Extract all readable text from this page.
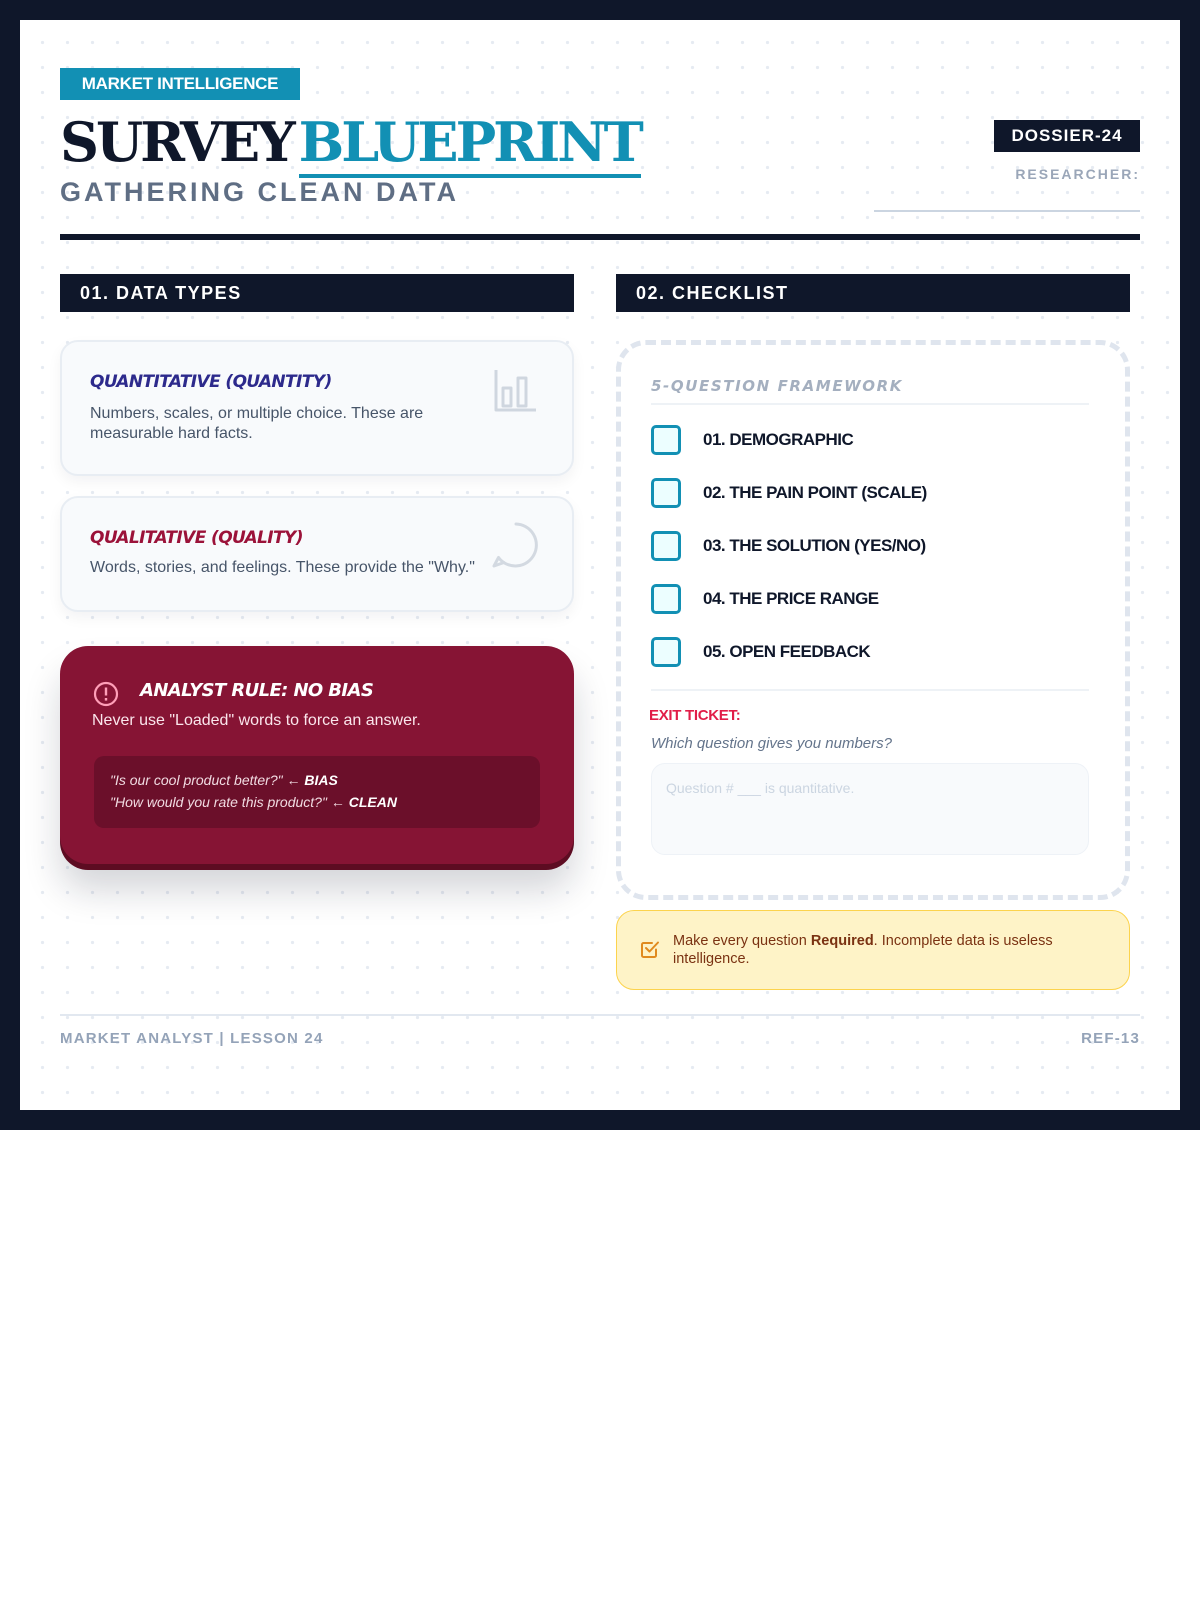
MARKET INTELLIGENCE
SURVEY BLUEPRINT
GATHERING CLEAN DATA
DOSSIER-24
RESEARCHER:
01. DATA TYPES
QUANTITATIVE (QUANTITY)
Numbers, scales, or multiple choice. These are measurable hard facts.
QUALITATIVE (QUALITY)
Words, stories, and feelings. These provide the "Why."
ANALYST RULE: NO BIAS
Never use "Loaded" words to force an answer.
"Is our cool product better?" ← BIAS
"How would you rate this product?" ← CLEAN
02. CHECKLIST
5-QUESTION FRAMEWORK
01. DEMOGRAPHIC
02. THE PAIN POINT (SCALE)
03. THE SOLUTION (YES/NO)
04. THE PRICE RANGE
05. OPEN FEEDBACK
EXIT TICKET:
Which question gives you numbers?
Question # ___ is quantitative.
Make every question Required. Incomplete data is useless intelligence.
MARKET ANALYST | LESSON 24	REF-13
